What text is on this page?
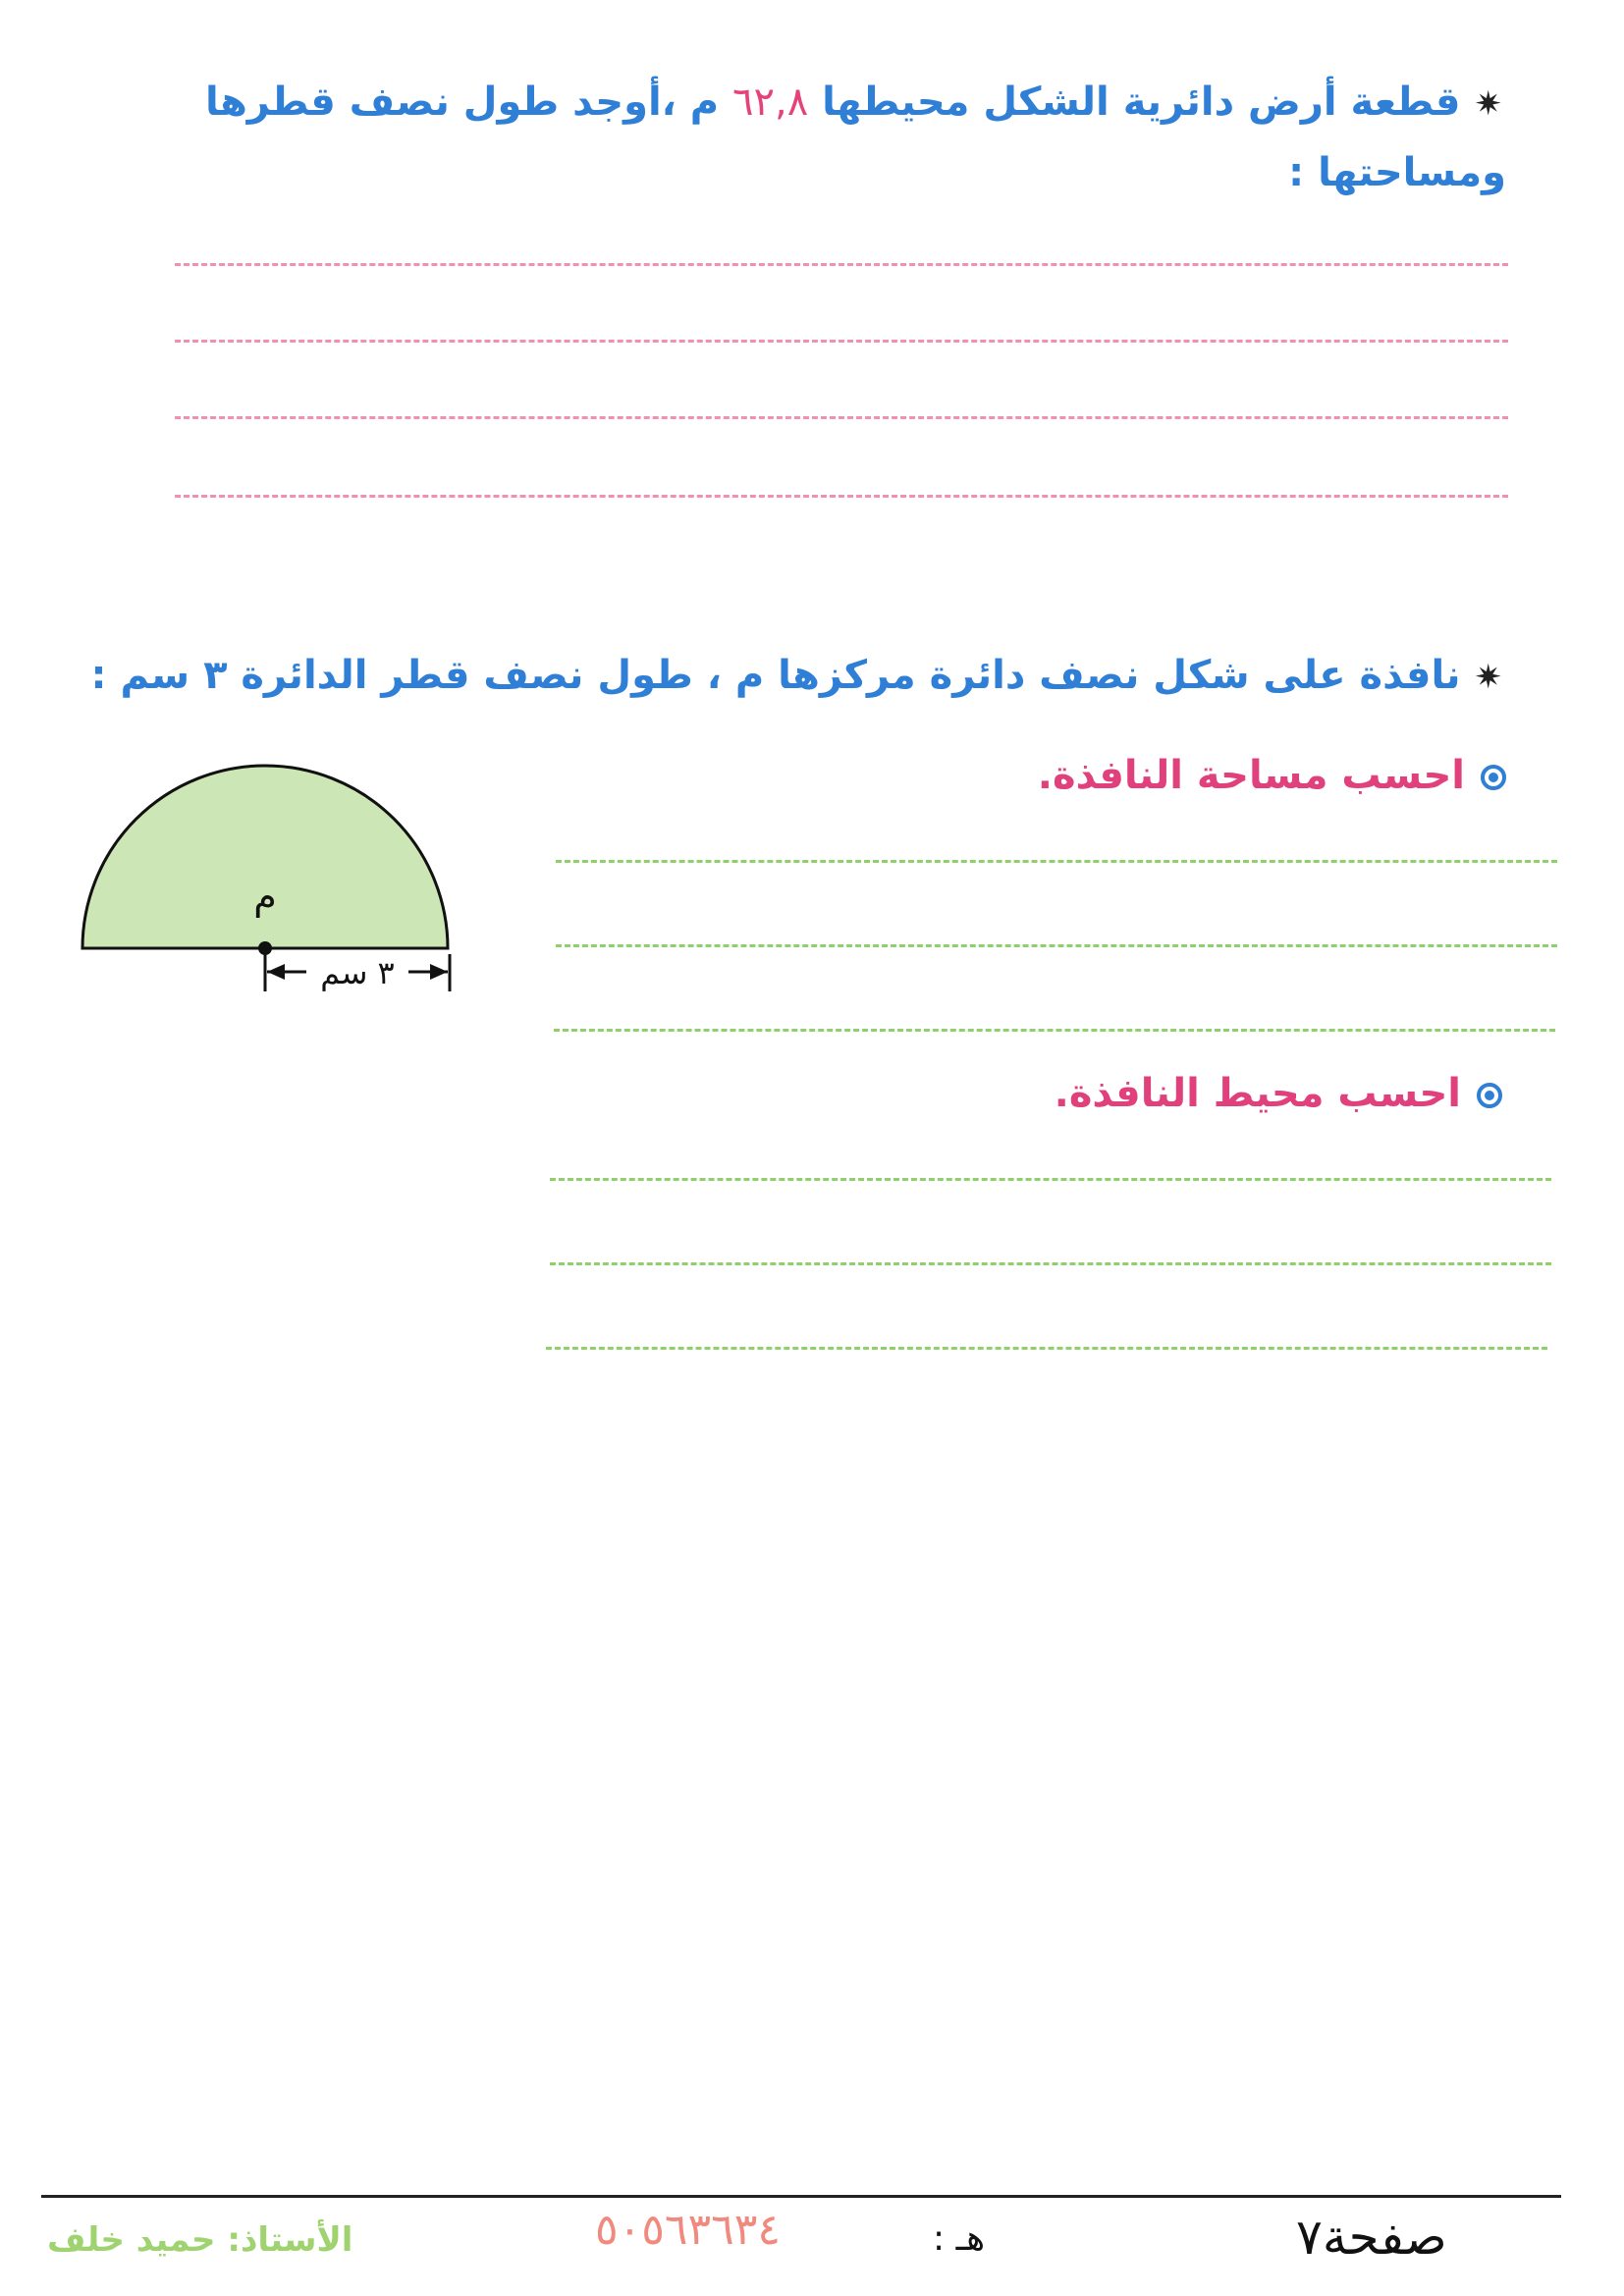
✷قطعة أرض دائرية الشكل محيطها ٦٢,٨ م ،أوجد طول نصف قطرها
ومساحتها :
✷نافذة على شكل نصف دائرة مركزها م ، طول نصف قطر الدائرة ٣ سم :
احسب مساحة النافذة.
احسب محيط النافذة.
م
٣ سم
صفحة٧
هـ :
٥٠٥٦٣٦٣٤
الأستاذ: حميد خلف
